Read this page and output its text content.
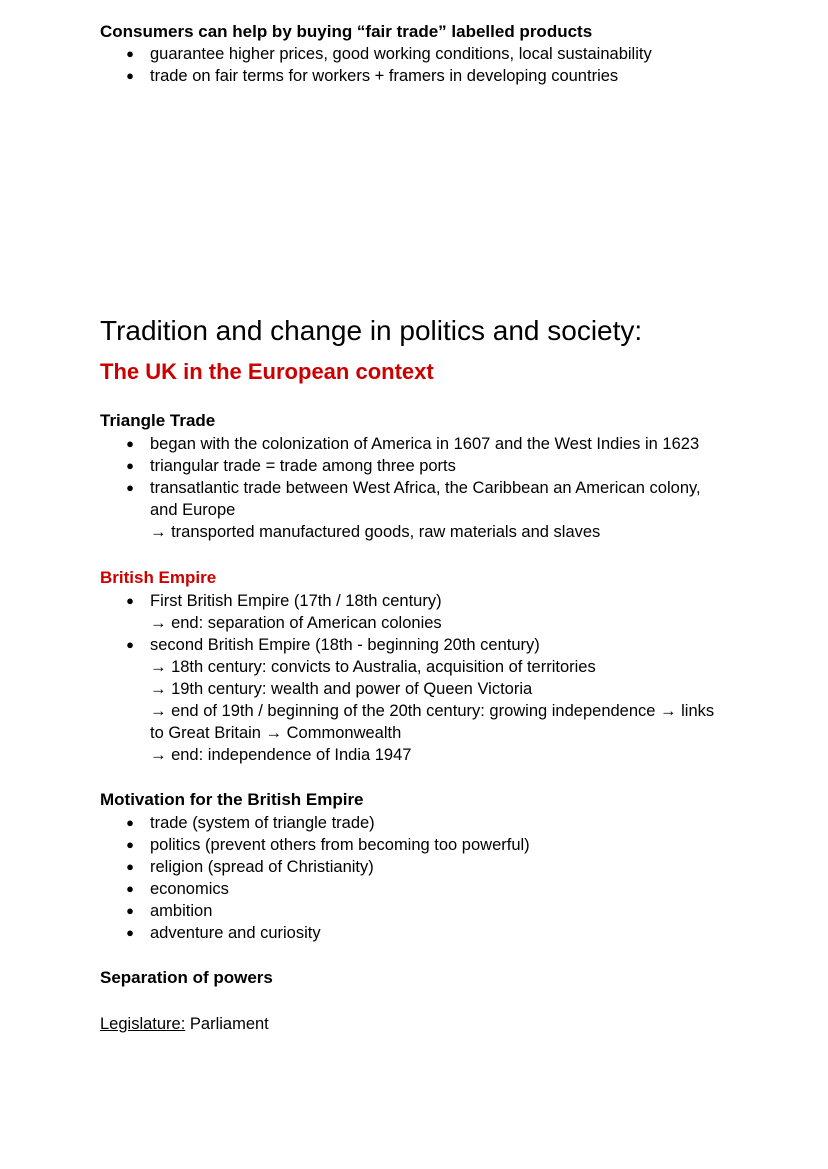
Consumers can help by buying “fair trade” labelled products
● guarantee higher prices, good working conditions, local sustainability
● trade on fair terms for workers + framers in developing countries
Tradition and change in politics and society:
The UK in the European context
Triangle Trade
● began with the colonization of America in 1607 and the West Indies in 1623
● triangular trade = trade among three ports
● transatlantic trade between West Africa, the Caribbean an American colony,
and Europe
→ transported manufactured goods, raw materials and slaves
British Empire
● First British Empire (17th / 18th century)
→ end: separation of American colonies
● second British Empire (18th - beginning 20th century)
→ 18th century: convicts to Australia, acquisition of territories
→ 19th century: wealth and power of Queen Victoria
→ end of 19th / beginning of the 20th century: growing independence → links
to Great Britain → Commonwealth
→ end: independence of India 1947
Motivation for the British Empire
● trade (system of triangle trade)
● politics (prevent others from becoming too powerful)
● religion (spread of Christianity)
● economics
● ambition
● adventure and curiosity
Separation of powers
Legislature: Parliament
